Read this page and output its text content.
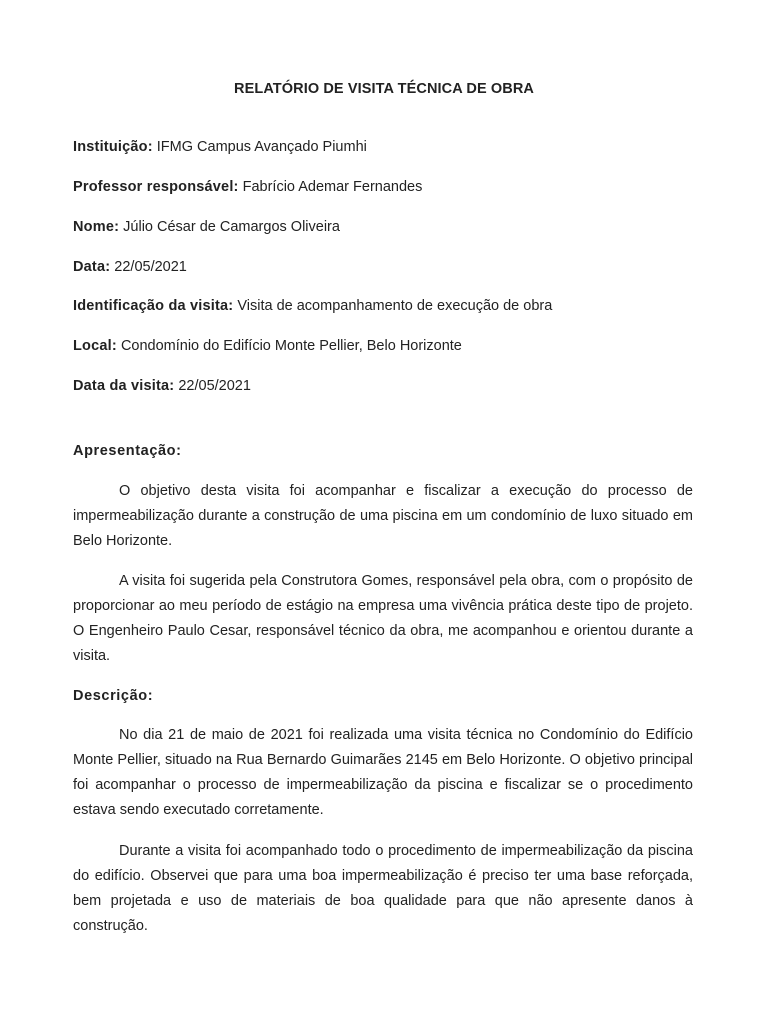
RELATÓRIO DE VISITA TÉCNICA DE OBRA
Instituição: IFMG Campus Avançado Piumhi
Professor responsável: Fabrício Ademar Fernandes
Nome: Júlio César de Camargos Oliveira
Data: 22/05/2021
Identificação da visita: Visita de acompanhamento de execução de obra
Local: Condomínio do Edifício Monte Pellier, Belo Horizonte
Data da visita: 22/05/2021
Apresentação:

O objetivo desta visita foi acompanhar e fiscalizar a execução do processo de impermeabilização durante a construção de uma piscina em um condomínio de luxo situado em Belo Horizonte.

A visita foi sugerida pela Construtora Gomes, responsável pela obra, com o propósito de proporcionar ao meu período de estágio na empresa uma vivência prática deste tipo de projeto. O Engenheiro Paulo Cesar, responsável técnico da obra, me acompanhou e orientou durante a visita.

Descrição:

No dia 21 de maio de 2021 foi realizada uma visita técnica no Condomínio do Edifício Monte Pellier, situado na Rua Bernardo Guimarães 2145 em Belo Horizonte. O objetivo principal foi acompanhar o processo de impermeabilização da piscina e fiscalizar se o procedimento estava sendo executado corretamente.

Durante a visita foi acompanhado todo o procedimento de impermeabilização da piscina do edifício. Observei que para uma boa impermeabilização é preciso ter uma base reforçada, bem projetada e uso de materiais de boa qualidade para que não apresente danos à construção.
